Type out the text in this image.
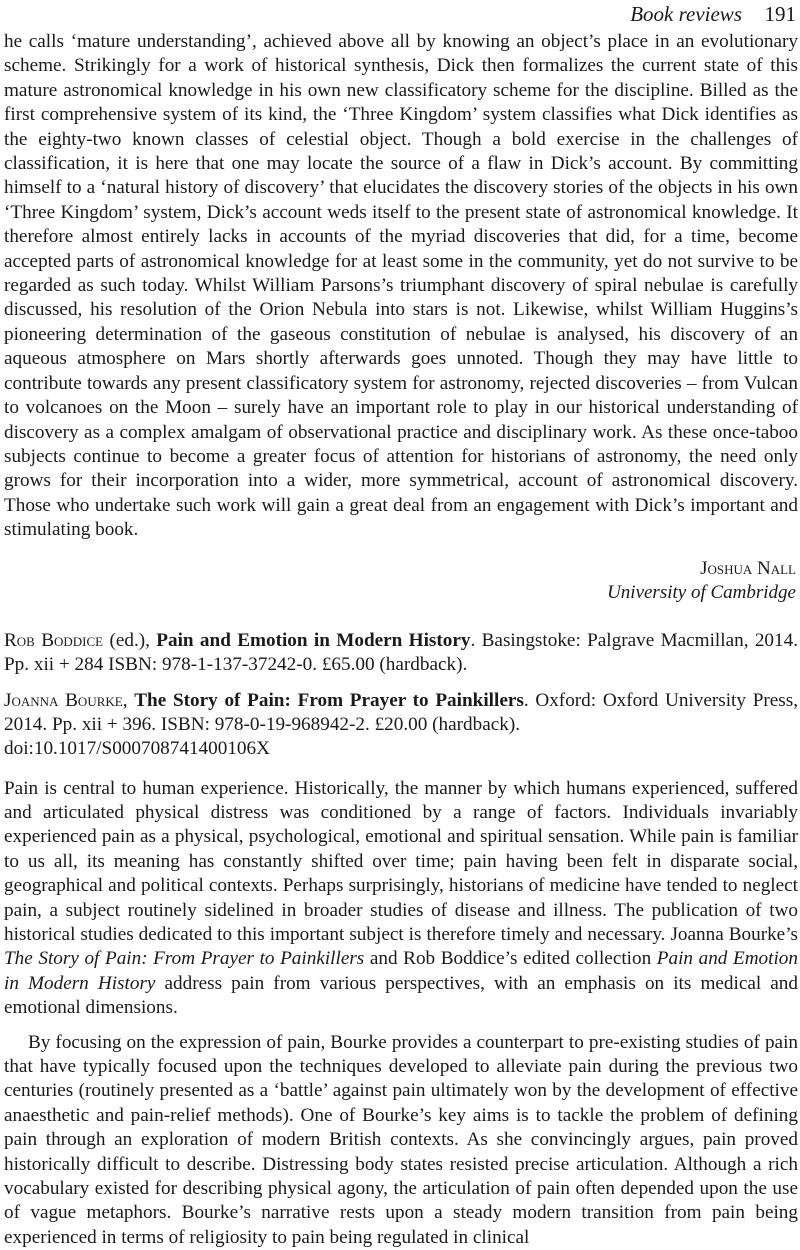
Book reviews 191

he calls ‘mature understanding’, achieved above all by knowing an object’s place in an evolutionary scheme. Strikingly for a work of historical synthesis, Dick then formalizes the current state of this mature astronomical knowledge in his own new classificatory scheme for the discipline. Billed as the first comprehensive system of its kind, the ‘Three Kingdom’ system classifies what Dick identifies as the eighty-two known classes of celestial object. Though a bold exercise in the challenges of classification, it is here that one may locate the source of a flaw in Dick’s account. By committing himself to a ‘natural history of discovery’ that elucidates the discovery stories of the objects in his own ‘Three Kingdom’ system, Dick’s account weds itself to the present state of astronomical knowledge. It therefore almost entirely lacks in accounts of the myriad discoveries that did, for a time, become accepted parts of astronomical knowledge for at least some in the community, yet do not survive to be regarded as such today. Whilst William Parsons’s triumphant discovery of spiral nebulae is carefully discussed, his resolution of the Orion Nebula into stars is not. Likewise, whilst William Huggins’s pioneering determination of the gaseous constitution of nebulae is analysed, his discovery of an aqueous atmosphere on Mars shortly afterwards goes unnoted. Though they may have little to contribute towards any present classificatory system for astronomy, rejected discoveries – from Vulcan to volcanoes on the Moon – surely have an important role to play in our historical understanding of discovery as a complex amalgam of observational practice and disciplinary work. As these once-taboo subjects continue to become a greater focus of attention for historians of astronomy, the need only grows for their incorporation into a wider, more symmetrical, account of astronomical discovery. Those who undertake such work will gain a great deal from an engagement with Dick’s important and stimulating book.

Joshua Nall
University of Cambridge
Rob Boddice (ed.), Pain and Emotion in Modern History. Basingstoke: Palgrave Macmillan, 2014. Pp. xii + 284 ISBN: 978-1-137-37242-0. £65.00 (hardback).
Joanna Bourke, The Story of Pain: From Prayer to Painkillers. Oxford: Oxford University Press, 2014. Pp. xii + 396. ISBN: 978-0-19-968942-2. £20.00 (hardback).
doi:10.1017/S000708741400106X

Pain is central to human experience. Historically, the manner by which humans experienced, suffered and articulated physical distress was conditioned by a range of factors. Individuals invariably experienced pain as a physical, psychological, emotional and spiritual sensation. While pain is familiar to us all, its meaning has constantly shifted over time; pain having been felt in disparate social, geographical and political contexts. Perhaps surprisingly, historians of medicine have tended to neglect pain, a subject routinely sidelined in broader studies of disease and illness. The publication of two historical studies dedicated to this important subject is therefore timely and necessary. Joanna Bourke’s The Story of Pain: From Prayer to Painkillers and Rob Boddice’s edited collection Pain and Emotion in Modern History address pain from various perspectives, with an emphasis on its medical and emotional dimensions.

By focusing on the expression of pain, Bourke provides a counterpart to pre-existing studies of pain that have typically focused upon the techniques developed to alleviate pain during the previous two centuries (routinely presented as a ‘battle’ against pain ultimately won by the development of effective anaesthetic and pain-relief methods). One of Bourke’s key aims is to tackle the problem of defining pain through an exploration of modern British contexts. As she convincingly argues, pain proved historically difficult to describe. Distressing body states resisted precise articulation. Although a rich vocabulary existed for describing physical agony, the articulation of pain often depended upon the use of vague metaphors. Bourke’s narrative rests upon a steady modern transition from pain being experienced in terms of religiosity to pain being regulated in clinical
